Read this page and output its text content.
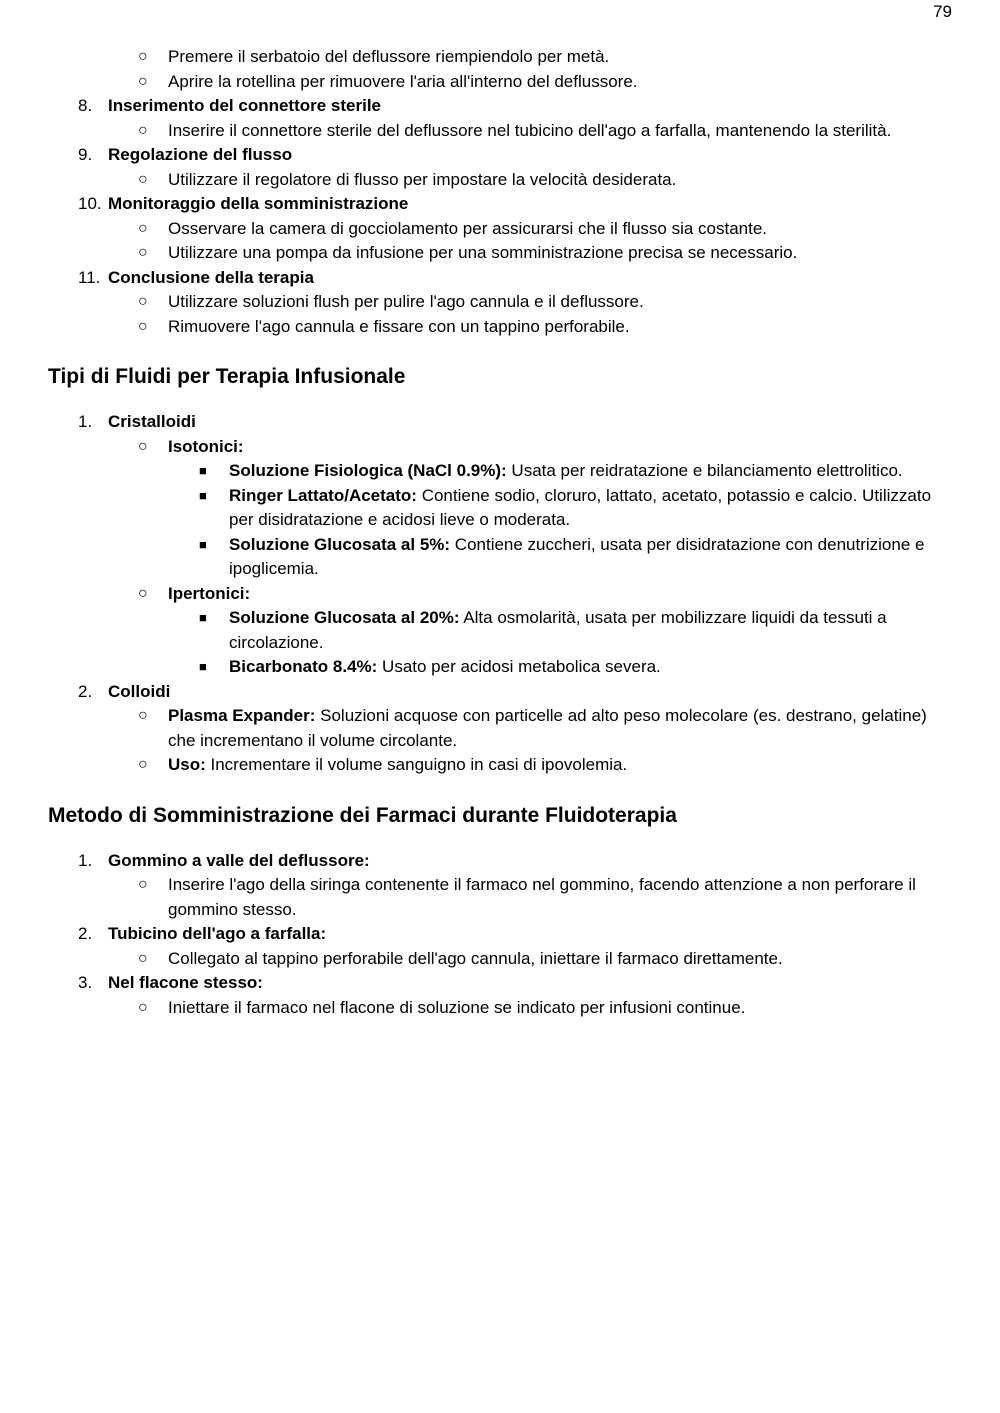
79
○ Premere il serbatoio del deflussore riempiendolo per metà.
○ Aprire la rotellina per rimuovere l'aria all'interno del deflussore.
8. Inserimento del connettore sterile
○ Inserire il connettore sterile del deflussore nel tubicino dell'ago a farfalla, mantenendo la sterilità.
9. Regolazione del flusso
○ Utilizzare il regolatore di flusso per impostare la velocità desiderata.
10. Monitoraggio della somministrazione
○ Osservare la camera di gocciolamento per assicurarsi che il flusso sia costante.
○ Utilizzare una pompa da infusione per una somministrazione precisa se necessario.
11. Conclusione della terapia
○ Utilizzare soluzioni flush per pulire l'ago cannula e il deflussore.
○ Rimuovere l'ago cannula e fissare con un tappino perforabile.
Tipi di Fluidi per Terapia Infusionale
1. Cristalloidi
○ Isotonici:
■ Soluzione Fisiologica (NaCl 0.9%): Usata per reidratazione e bilanciamento elettrolitico.
■ Ringer Lattato/Acetato: Contiene sodio, cloruro, lattato, acetato, potassio e calcio. Utilizzato per disidratazione e acidosi lieve o moderata.
■ Soluzione Glucosata al 5%: Contiene zuccheri, usata per disidratazione con denutrizione e ipoglicemia.
○ Ipertonici:
■ Soluzione Glucosata al 20%: Alta osmolarità, usata per mobilizzare liquidi da tessuti a circolazione.
■ Bicarbonato 8.4%: Usato per acidosi metabolica severa.
2. Colloidi
○ Plasma Expander: Soluzioni acquose con particelle ad alto peso molecolare (es. destrano, gelatine) che incrementano il volume circolante.
○ Uso: Incrementare il volume sanguigno in casi di ipovolemia.
Metodo di Somministrazione dei Farmaci durante Fluidoterapia
1. Gommino a valle del deflussore:
○ Inserire l'ago della siringa contenente il farmaco nel gommino, facendo attenzione a non perforare il gommino stesso.
2. Tubicino dell'ago a farfalla:
○ Collegato al tappino perforabile dell'ago cannula, iniettare il farmaco direttamente.
3. Nel flacone stesso:
○ Iniettare il farmaco nel flacone di soluzione se indicato per infusioni continue.
